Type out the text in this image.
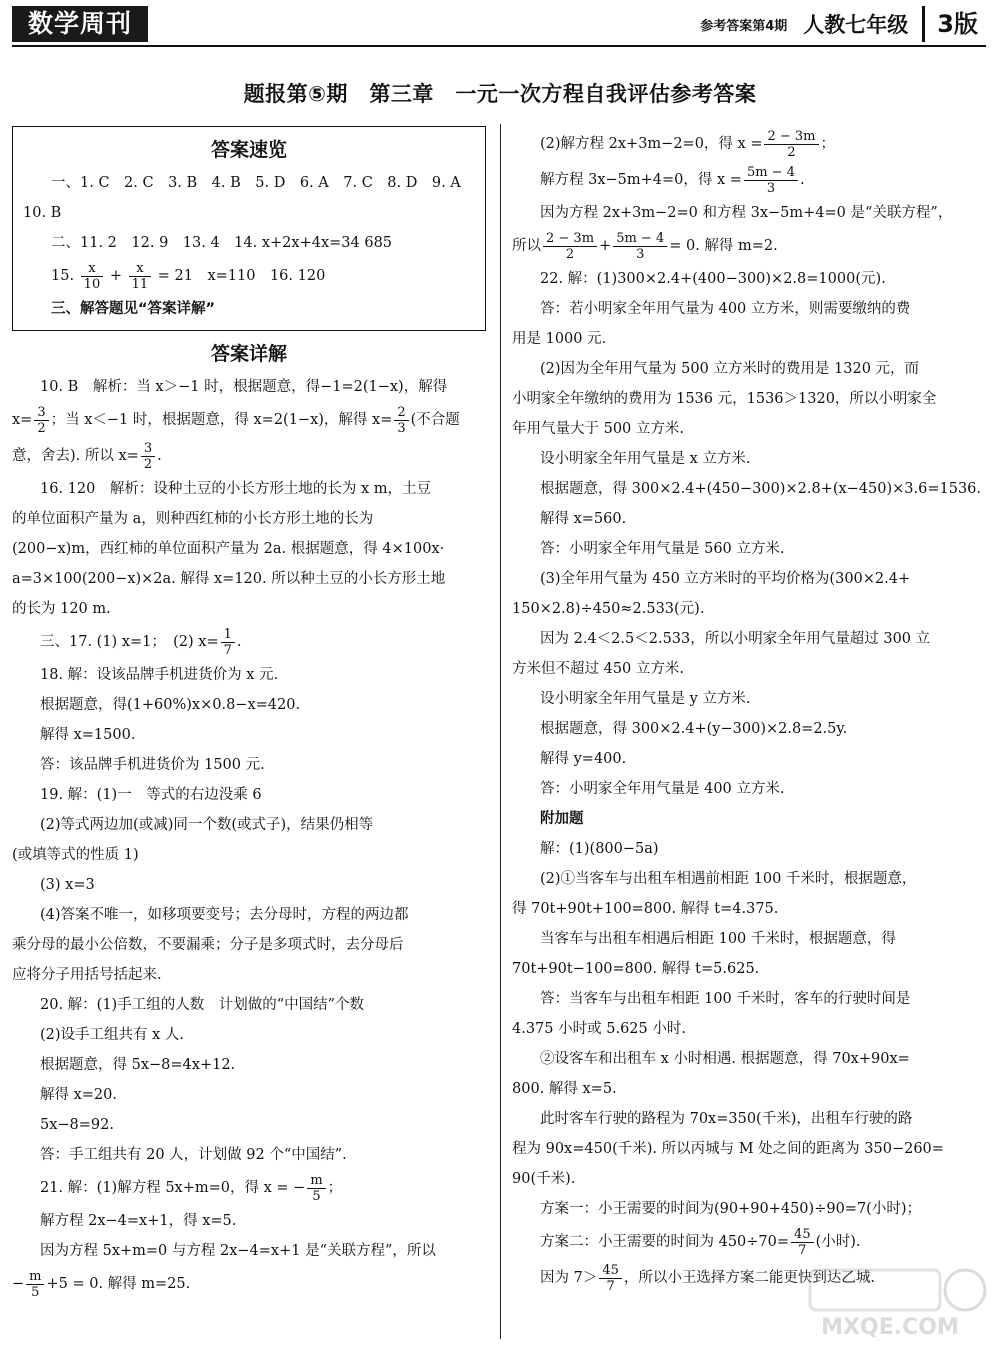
数学周刊	参考答案第4期 人教七年级	3版
题报第⑤期　第三章　一元一次方程自我评估参考答案
答案速览
一、1. C　2. C　3. B　4. B　5. D　6. A　7. C　8. D　9. A
10. B
二、11. 2　12. 9　13. 4　14. x+2x+4x=34 685
15. $\frac{x}{10} + \frac{x}{11} = 21$　x=110　16. 120
三、解答题见“答案详解”
答案详解
10. B　解析：当 x＞−1 时，根据题意，得−1=2(1−x)，解得
$x= \frac{3}{2}$ ；当 x＜−1 时，根据题意，得 x=2(1−x)，解得 $x= \frac{2}{3}$ (不合题
意，舍去). 所以 $x= \frac{3}{2}$ .
16. 120　解析：设种土豆的小长方形土地的长为 x m，土豆
的单位面积产量为 a，则种西红柿的小长方形土地的长为
(200−x)m，西红柿的单位面积产量为 2a. 根据题意，得 4×100x·
a=3×100(200−x)×2a. 解得 x=120. 所以种土豆的小长方形土地
的长为 120 m.
三、17. (1) x=1；　(2) $x= \frac{1}{7}$ .
18. 解：设该品牌手机进货价为 x 元.
根据题意，得(1+60%)x×0.8−x=420.
解得 x=1500.
答：该品牌手机进货价为 1500 元.
19. 解：(1)一　等式的右边没乘 6
(2)等式两边加(或减)同一个数(或式子)，结果仍相等
(或填等式的性质 1)
(3) x=3
(4)答案不唯一，如移项要变号；去分母时，方程的两边都
乘分母的最小公倍数，不要漏乘；分子是多项式时，去分母后
应将分子用括号括起来.
20. 解：(1)手工组的人数　计划做的“中国结”个数
(2)设手工组共有 x 人.
根据题意，得 5x−8=4x+12.
解得 x=20.
5x−8=92.
答：手工组共有 20 人，计划做 92 个“中国结”.
21. 解：(1)解方程 5x+m=0，得 x = − $\frac{m}{5}$ ；
解方程 2x−4=x+1，得 x=5.
因为方程 5x+m=0 与方程 2x−4=x+1 是“关联方程”，所以
− $\frac{m}{5} +5 = 0$. 解得 m=25.
(2)解方程 2x+3m−2=0，得 $x = \frac{2 - 3m}{2}$ ；
解方程 3x−5m+4=0，得 $x = \frac{5m - 4}{3}$ .
因为方程 2x+3m−2=0 和方程 3x−5m+4=0 是“关联方程”，
所以 $\frac{2 - 3m}{2} + \frac{5m - 4}{3} = 0$. 解得 m=2.
22. 解：(1)300×2.4+(400−300)×2.8=1000(元).
答：若小明家全年用气量为 400 立方米，则需要缴纳的费
用是 1000 元.
(2)因为全年用气量为 500 立方米时的费用是 1320 元，而
小明家全年缴纳的费用为 1536 元，1536＞1320，所以小明家全
年用气量大于 500 立方米.
设小明家全年用气量是 x 立方米.
根据题意，得 300×2.4+(450−300)×2.8+(x−450)×3.6=1536.
解得 x=560.
答：小明家全年用气量是 560 立方米.
(3)全年用气量为 450 立方米时的平均价格为(300×2.4+
150×2.8)÷450≈2.533(元).
因为 2.4＜2.5＜2.533，所以小明家全年用气量超过 300 立
方米但不超过 450 立方米.
设小明家全年用气量是 y 立方米.
根据题意，得 300×2.4+(y−300)×2.8=2.5y.
解得 y=400.
答：小明家全年用气量是 400 立方米.
附加题
解：(1)(800−5a)
(2)①当客车与出租车相遇前相距 100 千米时，根据题意，
得 70t+90t+100=800. 解得 t=4.375.
当客车与出租车相遇后相距 100 千米时，根据题意，得
70t+90t−100=800. 解得 t=5.625.
答：当客车与出租车相距 100 千米时，客车的行驶时间是
4.375 小时或 5.625 小时.
②设客车和出租车 x 小时相遇. 根据题意，得 70x+90x=
800. 解得 x=5.
此时客车行驶的路程为 70x=350(千米)，出租车行驶的路
程为 90x=450(千米). 所以丙城与 M 处之间的距离为 350−260=
90(千米).
方案一：小王需要的时间为(90+90+450)÷90=7(小时)；
方案二：小王需要的时间为 $450\div 70= \frac{45}{7}$ (小时).
因为 $7> \frac{45}{7}$ ，所以小王选择方案二能更快到达乙城.
MXQE.COM
